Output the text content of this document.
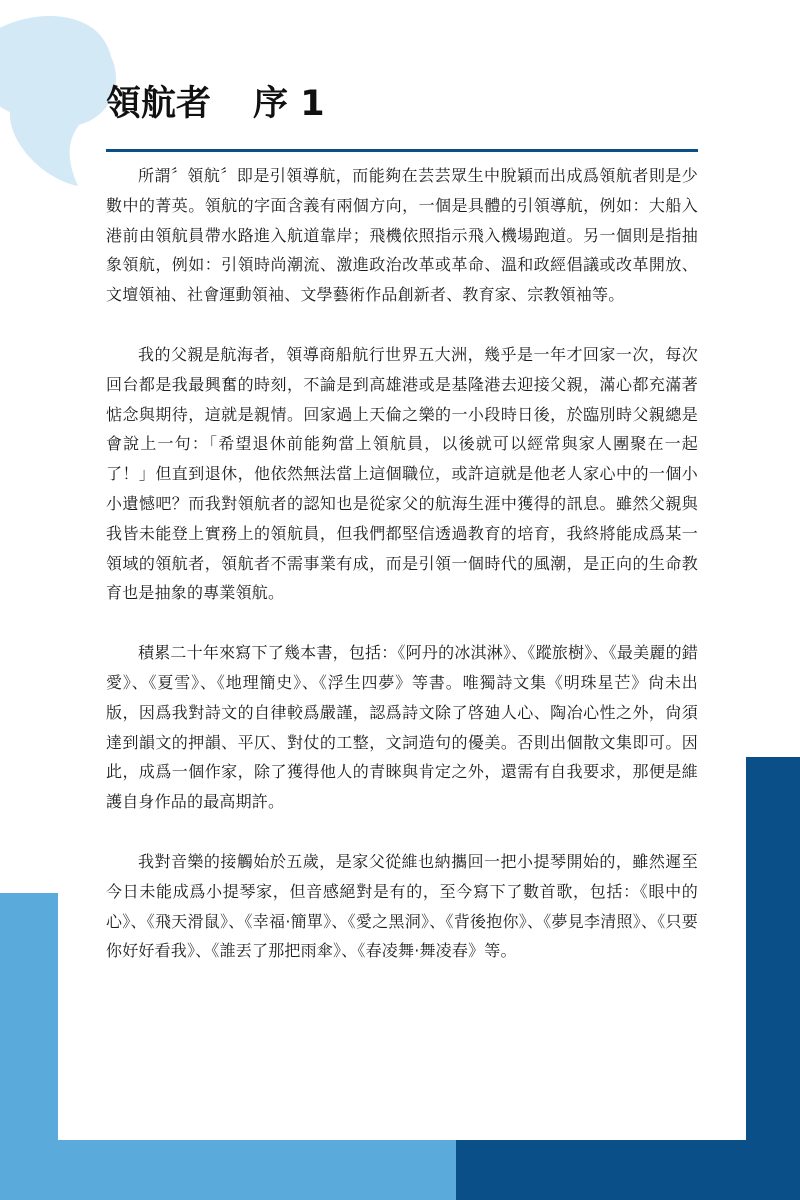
領航者 序 1

所謂〞領航〞即是引領導航，而能夠在芸芸眾生中脫穎而出成爲領航者則是少數中的菁英。領航的字面含義有兩個方向，一個是具體的引領導航，例如：大船入港前由領航員帶水路進入航道靠岸；飛機依照指示飛入機場跑道。另一個則是指抽象領航，例如：引領時尚潮流、激進政治改革或革命、溫和政經倡議或改革開放、文壇領袖、社會運動領袖、文學藝術作品創新者、教育家、宗教領袖等。

我的父親是航海者，領導商船航行世界五大洲，幾乎是一年才回家一次，每次回台都是我最興奮的時刻，不論是到高雄港或是基隆港去迎接父親，滿心都充滿著惦念與期待，這就是親情。回家過上天倫之樂的一小段時日後，於臨別時父親總是會說上一句：「希望退休前能夠當上領航員，以後就可以經常與家人團聚在一起了！」但直到退休，他依然無法當上這個職位，或許這就是他老人家心中的一個小小遺憾吧？而我對領航者的認知也是從家父的航海生涯中獲得的訊息。雖然父親與我皆未能登上實務上的領航員，但我們都堅信透過教育的培育，我終將能成爲某一領域的領航者，領航者不需事業有成，而是引領一個時代的風潮，是正向的生命教育也是抽象的專業領航。

積累二十年來寫下了幾本書，包括：《阿丹的冰淇淋》、《蹤旅樹》、《最美麗的錯愛》、《夏雪》、《地理簡史》、《浮生四夢》等書。唯獨詩文集《明珠星芒》尙未出版，因爲我對詩文的自律較爲嚴謹，認爲詩文除了啓廸人心、陶冶心性之外，尙須達到韻文的押韻、平仄、對仗的工整，文詞造句的優美。否則出個散文集即可。因此，成爲一個作家，除了獲得他人的青睞與肯定之外，還需有自我要求，那便是維護自身作品的最高期許。

我對音樂的接觸始於五歲，是家父從維也納攜回一把小提琴開始的，雖然遲至今日未能成爲小提琴家，但音感絕對是有的，至今寫下了數首歌，包括：《眼中的心》、《飛天滑鼠》、《幸福·簡單》、《愛之黑洞》、《背後抱你》、《夢見李清照》、《只要你好好看我》、《誰丟了那把雨傘》、《春凌舞·舞凌春》等。
